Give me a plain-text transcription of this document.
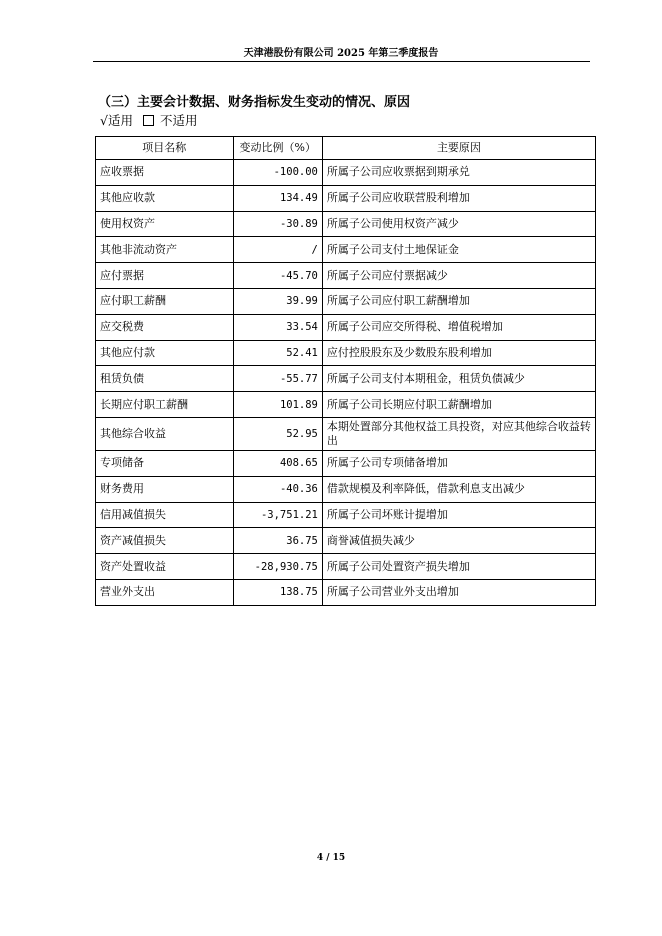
天津港股份有限公司 2025 年第三季度报告
（三）主要会计数据、财务指标发生变动的情况、原因
√适用 不适用
项目名称	变动比例（%）	主要原因
应收票据	-100.00	所属子公司应收票据到期承兑
其他应收款	134.49	所属子公司应收联营股利增加
使用权资产	-30.89	所属子公司使用权资产减少
其他非流动资产	/	所属子公司支付土地保证金
应付票据	-45.70	所属子公司应付票据减少
应付职工薪酬	39.99	所属子公司应付职工薪酬增加
应交税费	33.54	所属子公司应交所得税、增值税增加
其他应付款	52.41	应付控股股东及少数股东股利增加
租赁负债	-55.77	所属子公司支付本期租金，租赁负债减少
长期应付职工薪酬	101.89	所属子公司长期应付职工薪酬增加
其他综合收益	52.95	本期处置部分其他权益工具投资，对应其他综合收益转出
专项储备	408.65	所属子公司专项储备增加
财务费用	-40.36	借款规模及利率降低，借款利息支出减少
信用减值损失	-3,751.21	所属子公司坏账计提增加
资产减值损失	36.75	商誉减值损失减少
资产处置收益	-28,930.75	所属子公司处置资产损失增加
营业外支出	138.75	所属子公司营业外支出增加
4 / 15
